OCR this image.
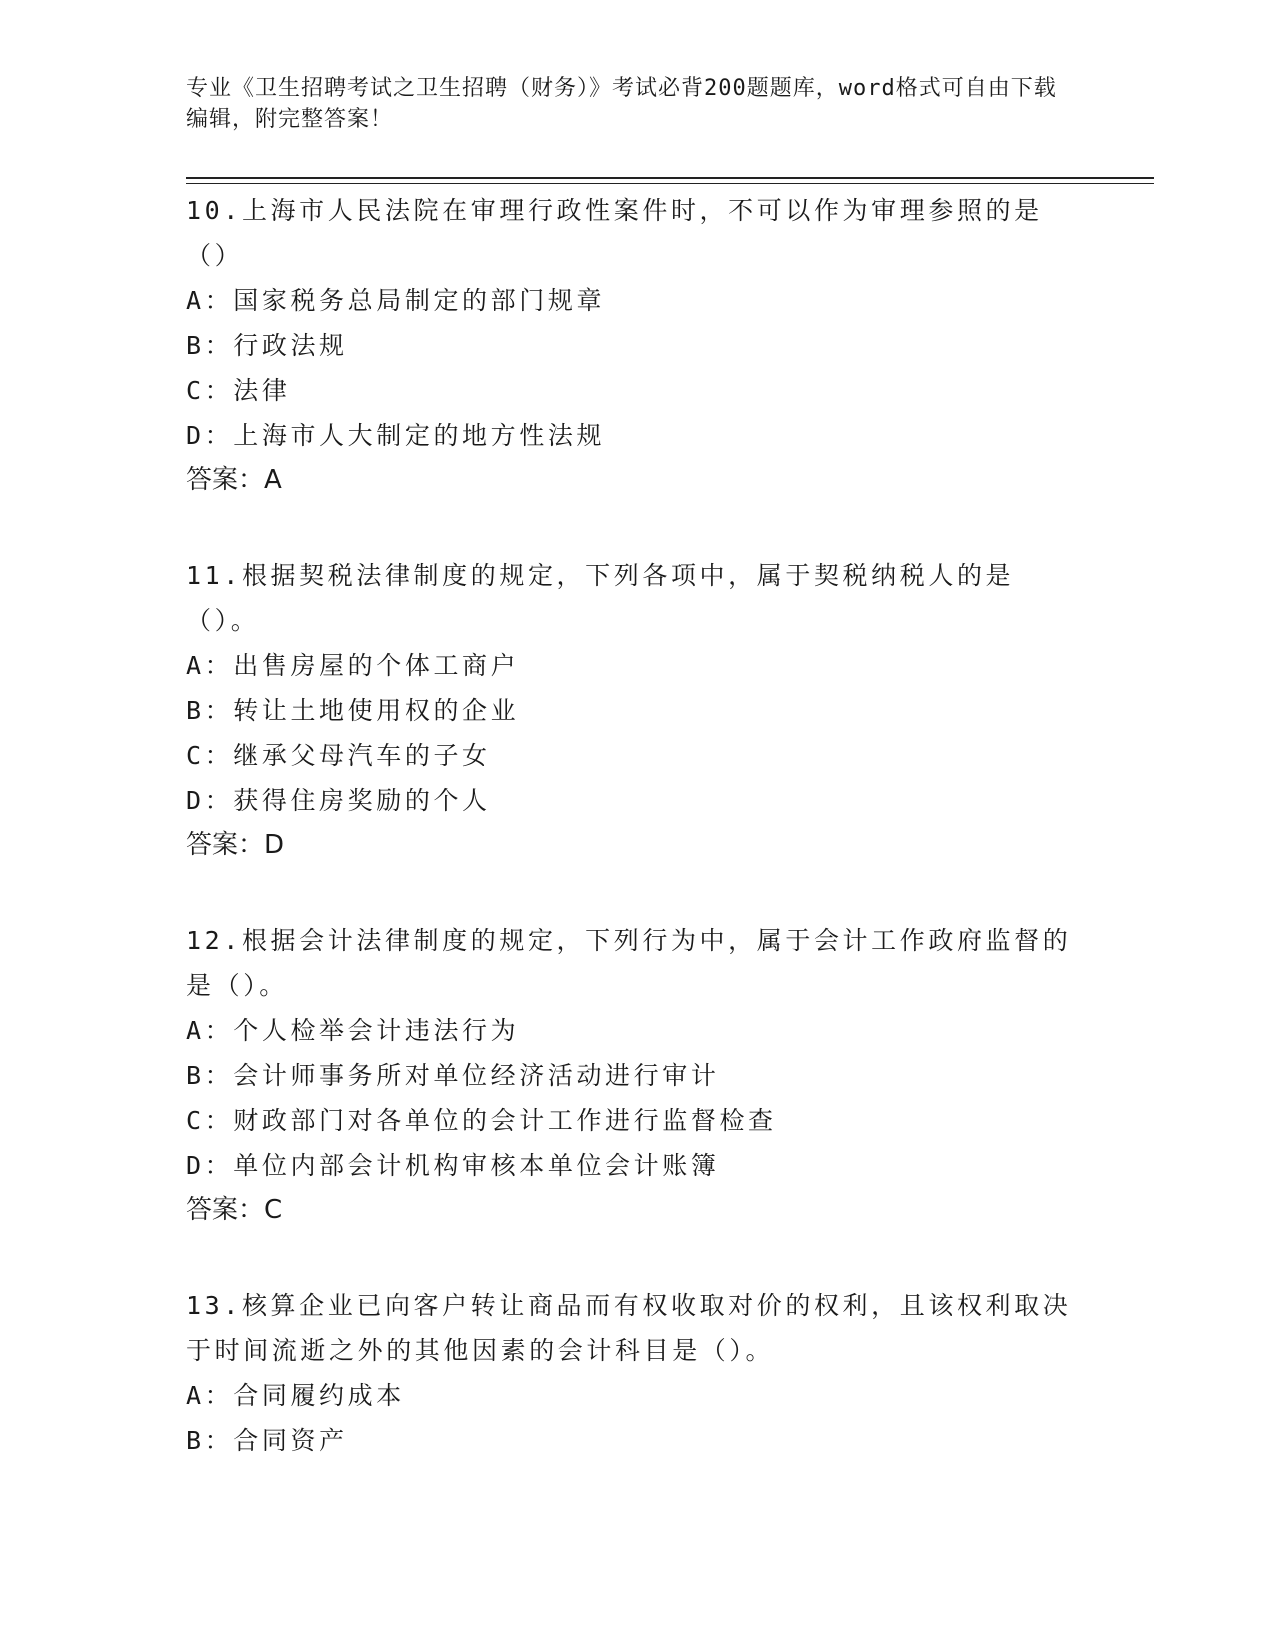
专业《卫生招聘考试之卫生招聘（财务）》考试必背200题题库，word格式可自由下载编辑，附完整答案！

10.上海市人民法院在审理行政性案件时，不可以作为审理参照的是（）

A：国家税务总局制定的部门规章

B：行政法规

C：法律

D：上海市人大制定的地方性法规

答案：A

11.根据契税法律制度的规定，下列各项中，属于契税纳税人的是（）。

A：出售房屋的个体工商户

B：转让土地使用权的企业

C：继承父母汽车的子女

D：获得住房奖励的个人

答案：D

12.根据会计法律制度的规定，下列行为中，属于会计工作政府监督的是（）。

A：个人检举会计违法行为

B：会计师事务所对单位经济活动进行审计

C：财政部门对各单位的会计工作进行监督检查

D：单位内部会计机构审核本单位会计账簿

答案：C

13.核算企业已向客户转让商品而有权收取对价的权利，且该权利取决于时间流逝之外的其他因素的会计科目是（）。

A：合同履约成本

B：合同资产
